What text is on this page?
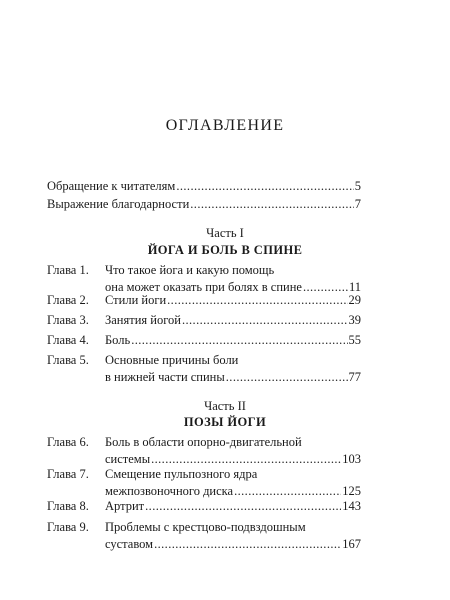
ОГЛАВЛЕНИЕ
Обращение к читателям .....	5
Выражение благодарности .....	7
Часть I
ЙОГА И БОЛЬ В СПИНЕ
Глава 1.	Что такое йога и какую помощь
она может оказать при болях в спине .....	11
Глава 2.	Стили йоги .....	29
Глава 3.	Занятия йогой .....	39
Глава 4.	Боль .....	55
Глава 5.	Основные причины боли
в нижней части спины .....	77
Часть II
ПОЗЫ ЙОГИ
Глава 6.	Боль в области опорно-двигательной
системы .....	103
Глава 7.	Смещение пульпозного ядра
межпозвоночного диска .....	125
Глава 8.	Артрит .....	143
Глава 9.	Проблемы с крестцово-подвздошным
суставом .....	167
